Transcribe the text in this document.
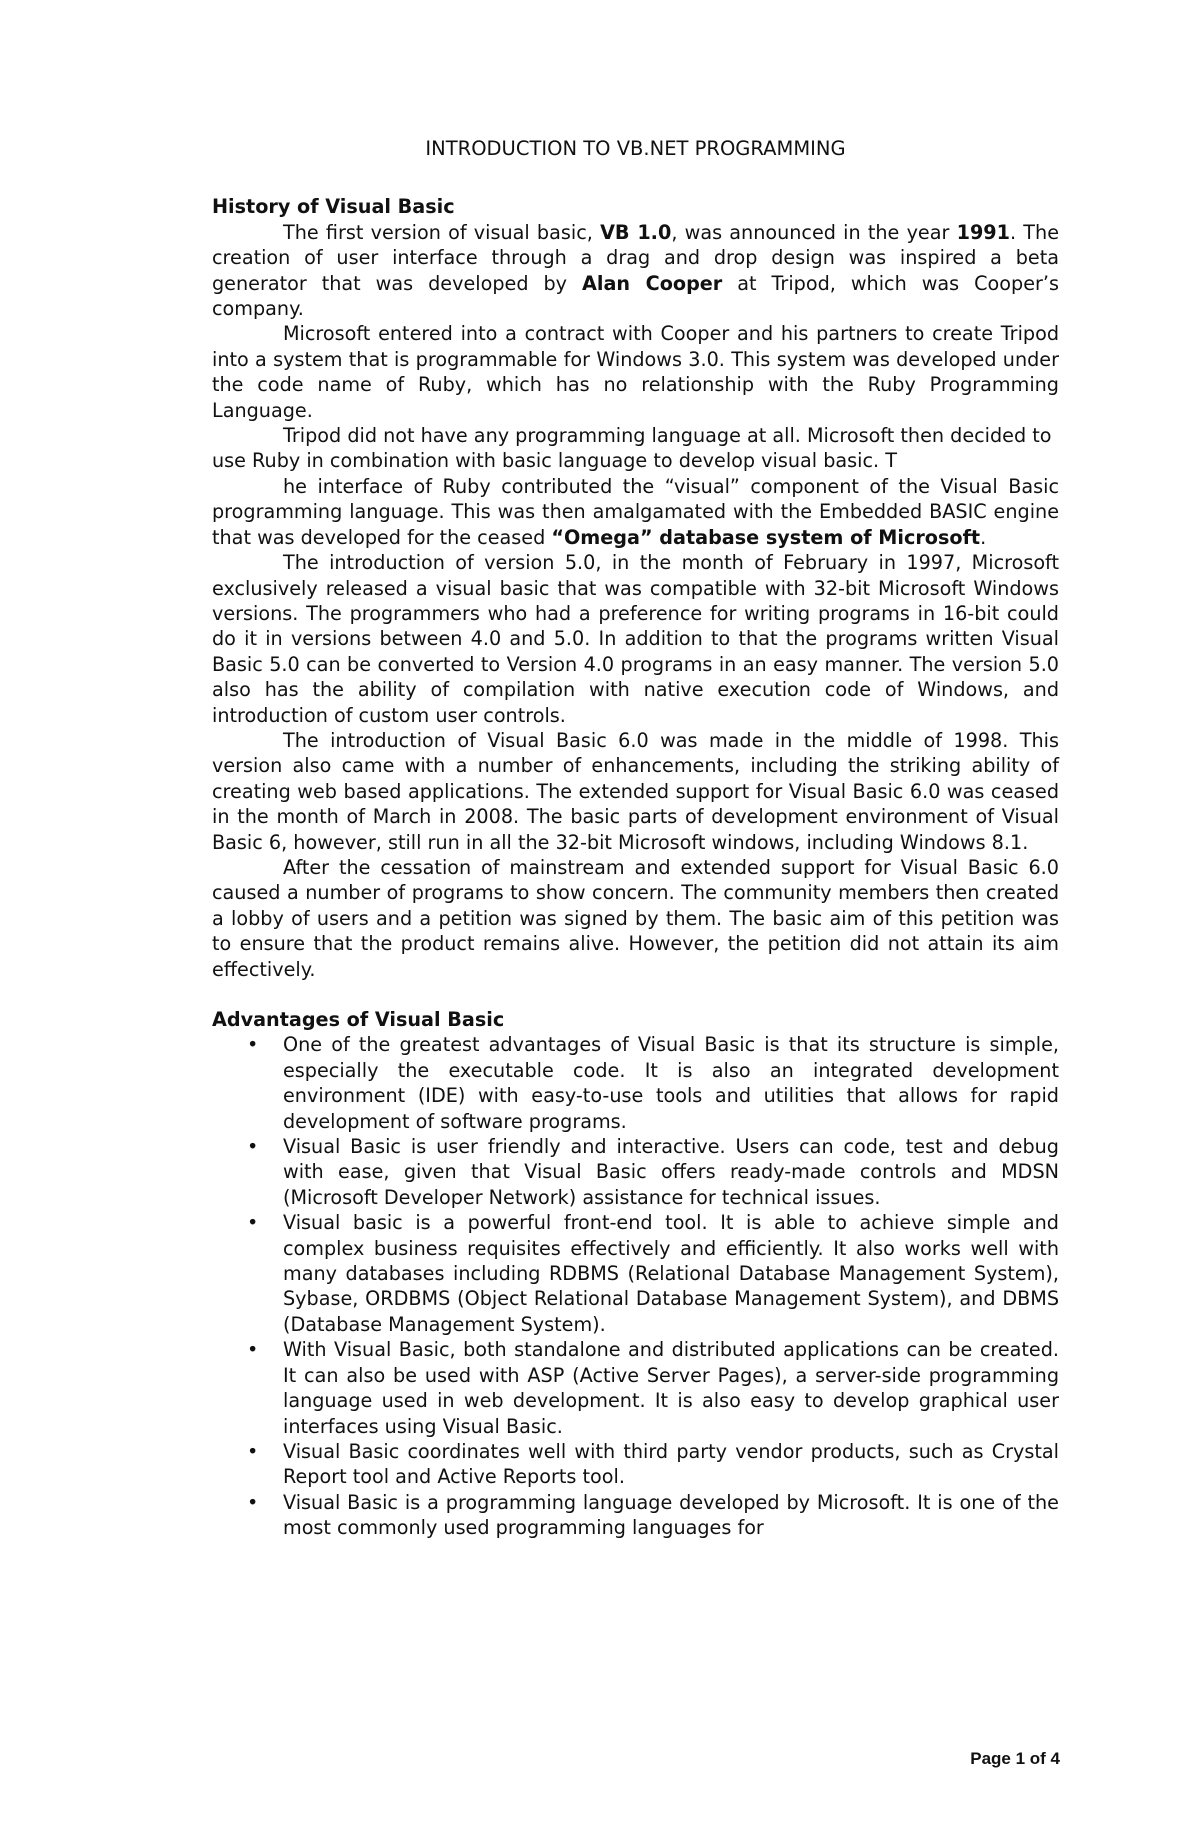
INTRODUCTION TO VB.NET PROGRAMMING
History of Visual Basic

The first version of visual basic, VB 1.0, was announced in the year 1991. The creation of user interface through a drag and drop design was inspired a beta generator that was developed by Alan Cooper at Tripod, which was Cooper’s company.

Microsoft entered into a contract with Cooper and his partners to create Tripod into a system that is programmable for Windows 3.0. This system was developed under the code name of Ruby, which has no relationship with the Ruby Programming Language.

Tripod did not have any programming language at all. Microsoft then decided to use Ruby in combination with basic language to develop visual basic. T

he interface of Ruby contributed the “visual” component of the Visual Basic programming language. This was then amalgamated with the Embedded BASIC engine that was developed for the ceased “Omega” database system of Microsoft.

The introduction of version 5.0, in the month of February in 1997, Microsoft exclusively released a visual basic that was compatible with 32-bit Microsoft Windows versions. The programmers who had a preference for writing programs in 16-bit could do it in versions between 4.0 and 5.0. In addition to that the programs written Visual Basic 5.0 can be converted to Version 4.0 programs in an easy manner. The version 5.0 also has the ability of compilation with native execution code of Windows, and introduction of custom user controls.

The introduction of Visual Basic 6.0 was made in the middle of 1998. This version also came with a number of enhancements, including the striking ability of creating web based applications. The extended support for Visual Basic 6.0 was ceased in the month of March in 2008. The basic parts of development environment of Visual Basic 6, however, still run in all the 32-bit Microsoft windows, including Windows 8.1.

After the cessation of mainstream and extended support for Visual Basic 6.0 caused a number of programs to show concern. The community members then created a lobby of users and a petition was signed by them. The basic aim of this petition was to ensure that the product remains alive. However, the petition did not attain its aim effectively.

Advantages of Visual Basic
• One of the greatest advantages of Visual Basic is that its structure is simple, especially the executable code. It is also an integrated development environment (IDE) with easy-to-use tools and utilities that allows for rapid development of software programs.
• Visual Basic is user friendly and interactive. Users can code, test and debug with ease, given that Visual Basic offers ready-made controls and MDSN (Microsoft Developer Network) assistance for technical issues.
• Visual basic is a powerful front-end tool. It is able to achieve simple and complex business requisites effectively and efficiently. It also works well with many databases including RDBMS (Relational Database Management System), Sybase, ORDBMS (Object Relational Database Management System), and DBMS (Database Management System).
• With Visual Basic, both standalone and distributed applications can be created. It can also be used with ASP (Active Server Pages), a server-side programming language used in web development. It is also easy to develop graphical user interfaces using Visual Basic.
• Visual Basic coordinates well with third party vendor products, such as Crystal Report tool and Active Reports tool.
• Visual Basic is a programming language developed by Microsoft. It is one of the most commonly used programming languages for
Page 1 of 4
